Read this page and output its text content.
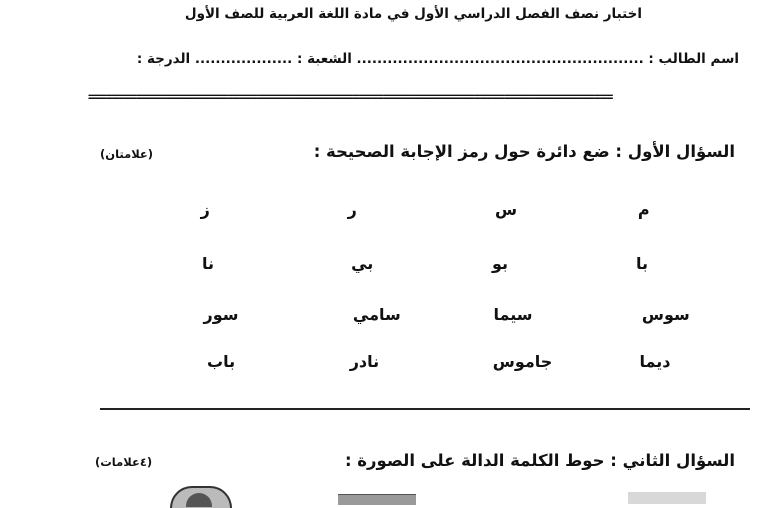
اختبار نصف الفصل الدراسي الأول في مادة اللغة العربية للصف الأول
اسم الطالب : ........................................................ الشعبة : ................... الدرجة :
=======================================================================================
السؤال الأول : ضع دائرة حول رمز الإجابة الصحيحة :
(علامتان)
م
س
ر
ز
با
بو
بي
نا
سوس
سيما
سامي
سور
ديما
جاموس
نادر
باب
السؤال الثاني : حوط الكلمة الدالة على الصورة :
(٤علامات)
